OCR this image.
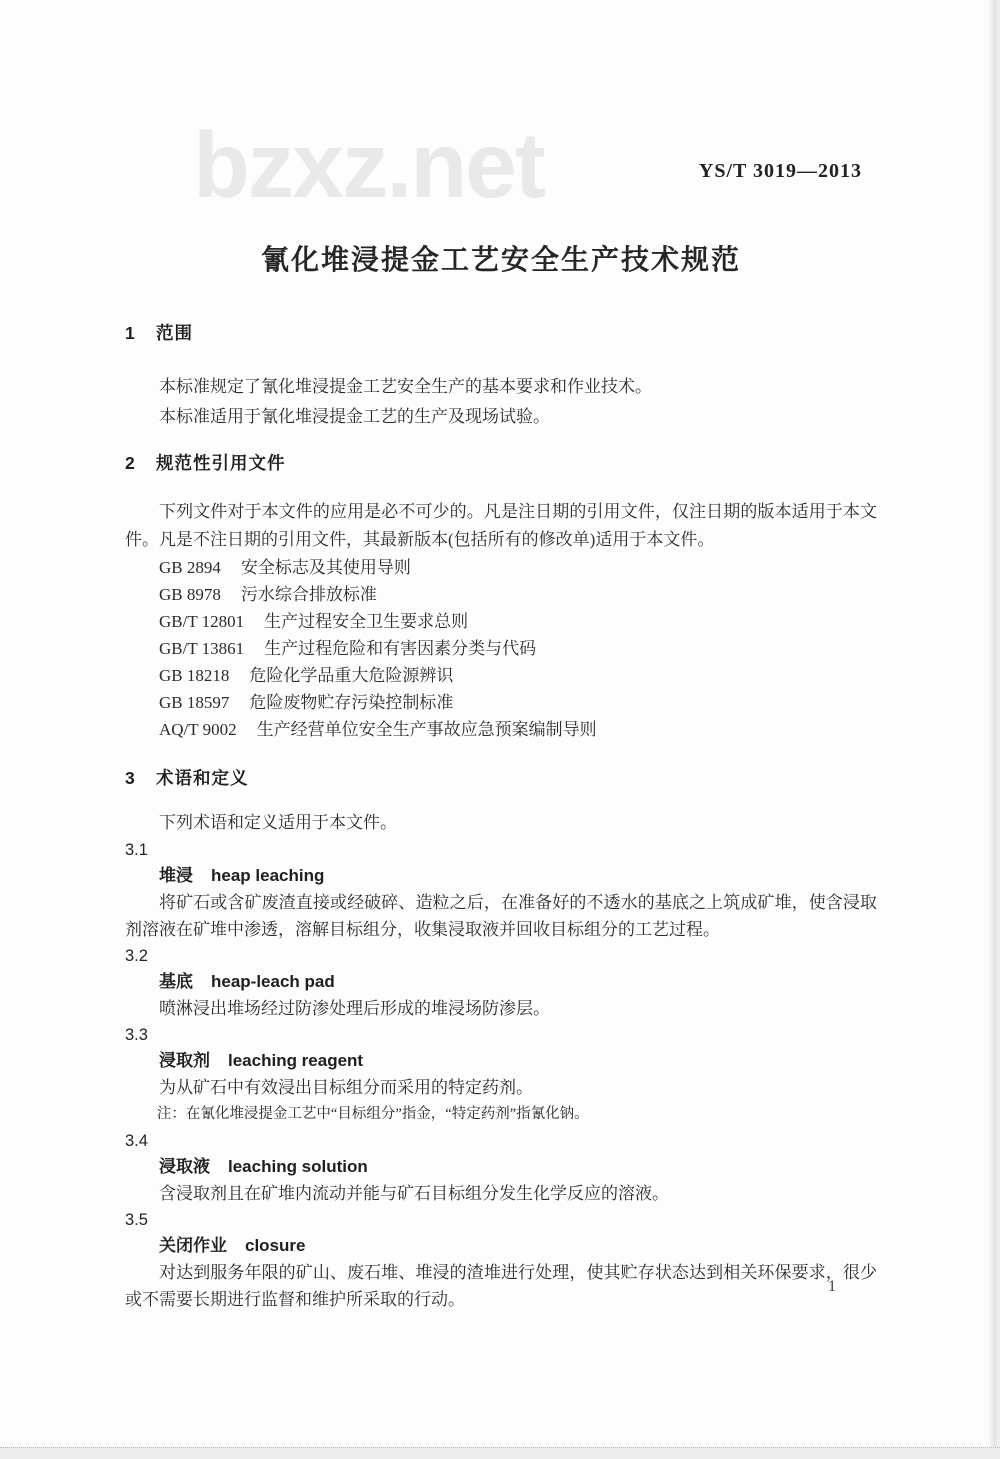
bzxz.net	YS/T 3019—2013
氰化堆浸提金工艺安全生产技术规范
1 范围

本标准规定了氰化堆浸提金工艺安全生产的基本要求和作业技术。

本标准适用于氰化堆浸提金工艺的生产及现场试验。

2 规范性引用文件

下列文件对于本文件的应用是必不可少的。凡是注日期的引用文件，仅注日期的版本适用于本文件。凡是不注日期的引用文件，其最新版本(包括所有的修改单)适用于本文件。

GB 2894 安全标志及其使用导则

GB 8978 污水综合排放标准

GB/T 12801 生产过程安全卫生要求总则

GB/T 13861 生产过程危险和有害因素分类与代码

GB 18218 危险化学品重大危险源辨识

GB 18597 危险废物贮存污染控制标准

AQ/T 9002 生产经营单位安全生产事故应急预案编制导则

3 术语和定义

下列术语和定义适用于本文件。

3.1
堆浸 heap leaching

将矿石或含矿废渣直接或经破碎、造粒之后，在准备好的不透水的基底之上筑成矿堆，使含浸取剂溶液在矿堆中渗透，溶解目标组分，收集浸取液并回收目标组分的工艺过程。

3.2
基底 heap-leach pad

喷淋浸出堆场经过防渗处理后形成的堆浸场防渗层。

3.3
浸取剂 leaching reagent

为从矿石中有效浸出目标组分而采用的特定药剂。

注：在氰化堆浸提金工艺中“目标组分”指金，“特定药剂”指氰化钠。

3.4
浸取液 leaching solution

含浸取剂且在矿堆内流动并能与矿石目标组分发生化学反应的溶液。

3.5
关闭作业 closure

对达到服务年限的矿山、废石堆、堆浸的渣堆进行处理，使其贮存状态达到相关环保要求，很少或不需要长期进行监督和维护所采取的行动。

1
